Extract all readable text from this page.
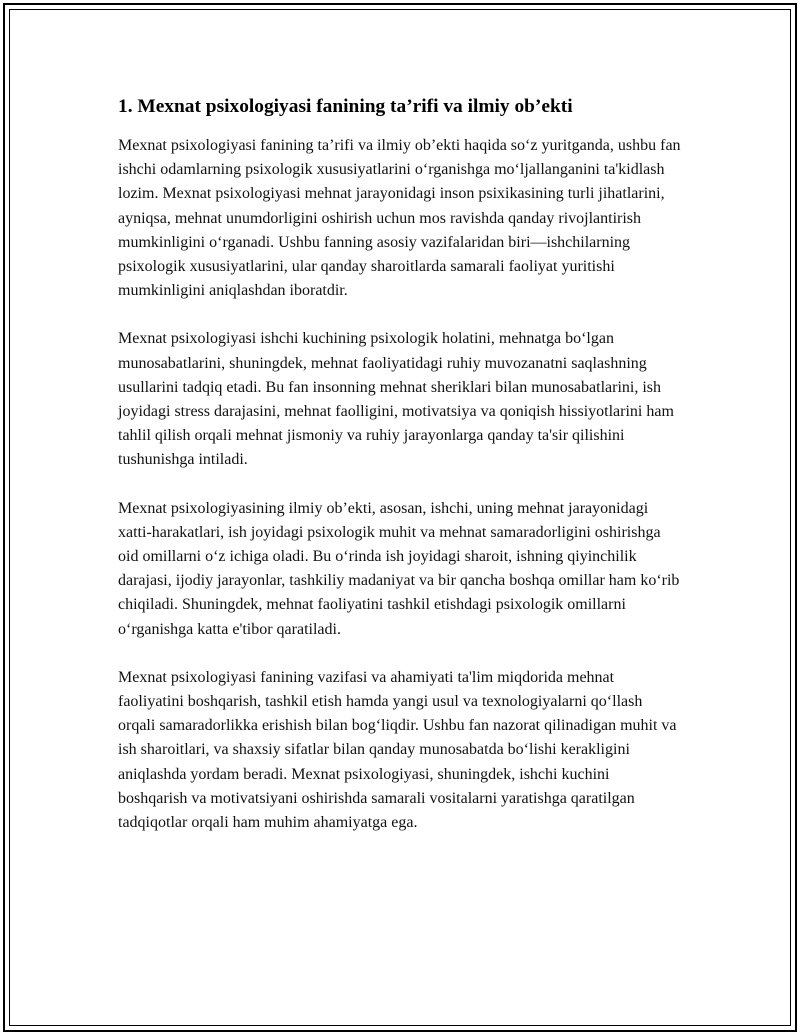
1. Mexnat psixologiyasi fanining ta’rifi va ilmiy ob’ekti

Mexnat psixologiyasi fanining ta’rifi va ilmiy ob’ekti haqida so‘z yuritganda, ushbu fan ishchi odamlarning psixologik xususiyatlarini o‘rganishga mo‘ljallanganini ta'kidlash lozim. Mexnat psixologiyasi mehnat jarayonidagi inson psixikasining turli jihatlarini, ayniqsa, mehnat unumdorligini oshirish uchun mos ravishda qanday rivojlantirish mumkinligini o‘rganadi. Ushbu fanning asosiy vazifalaridan biri—ishchilarning psixologik xususiyatlarini, ular qanday sharoitlarda samarali faoliyat yuritishi mumkinligini aniqlashdan iboratdir.

Mexnat psixologiyasi ishchi kuchining psixologik holatini, mehnatga bo‘lgan munosabatlarini, shuningdek, mehnat faoliyatidagi ruhiy muvozanatni saqlashning usullarini tadqiq etadi. Bu fan insonning mehnat sheriklari bilan munosabatlarini, ish joyidagi stress darajasini, mehnat faolligini, motivatsiya va qoniqish hissiyotlarini ham tahlil qilish orqali mehnat jismoniy va ruhiy jarayonlarga qanday ta'sir qilishini tushunishga intiladi.

Mexnat psixologiyasining ilmiy ob’ekti, asosan, ishchi, uning mehnat jarayonidagi xatti-harakatlari, ish joyidagi psixologik muhit va mehnat samaradorligini oshirishga oid omillarni o‘z ichiga oladi. Bu o‘rinda ish joyidagi sharoit, ishning qiyinchilik darajasi, ijodiy jarayonlar, tashkiliy madaniyat va bir qancha boshqa omillar ham ko‘rib chiqiladi. Shuningdek, mehnat faoliyatini tashkil etishdagi psixologik omillarni o‘rganishga katta e'tibor qaratiladi.

Mexnat psixologiyasi fanining vazifasi va ahamiyati ta'lim miqdorida mehnat faoliyatini boshqarish, tashkil etish hamda yangi usul va texnologiyalarni qo‘llash orqali samaradorlikka erishish bilan bog‘liqdir. Ushbu fan nazorat qilinadigan muhit va ish sharoitlari, va shaxsiy sifatlar bilan qanday munosabatda bo‘lishi kerakligini aniqlashda yordam beradi. Mexnat psixologiyasi, shuningdek, ishchi kuchini boshqarish va motivatsiyani oshirishda samarali vositalarni yaratishga qaratilgan tadqiqotlar orqali ham muhim ahamiyatga ega.
